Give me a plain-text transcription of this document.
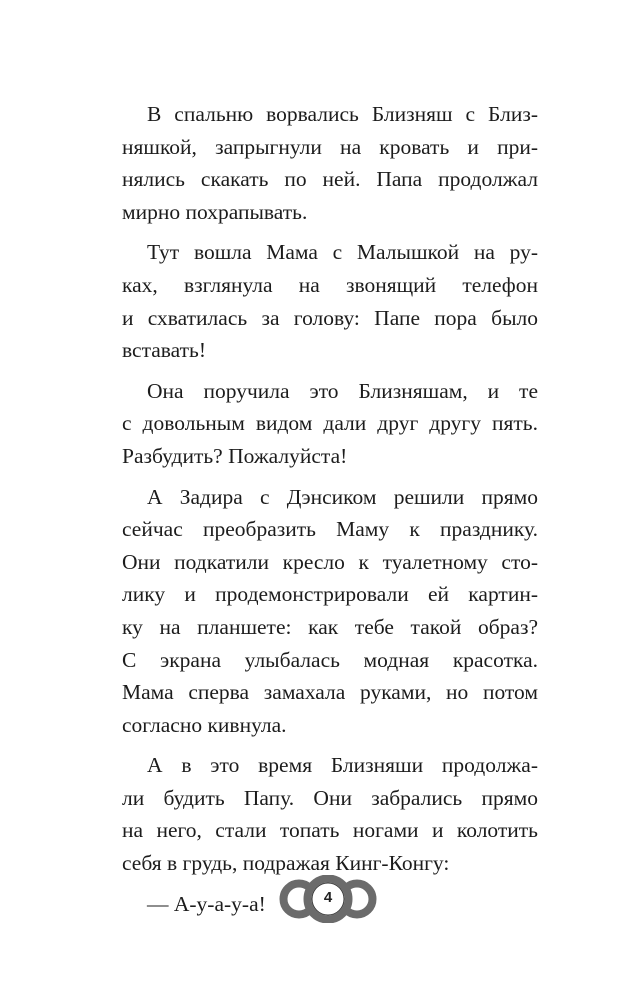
В спальню ворвались Близняш с Близ-
няшкой, запрыгнули на кровать и при-
нялись скакать по ней. Папа продолжал
мирно похрапывать.
Тут вошла Мама с Малышкой на ру-
ках, взглянула на звонящий телефон
и схватилась за голову: Папе пора было
вставать!
Она поручила это Близняшам, и те
с довольным видом дали друг другу пять.
Разбудить? Пожалуйста!
А Задира с Дэнсиком решили прямо
сейчас преобразить Маму к празднику.
Они подкатили кресло к туалетному сто-
лику и продемонстрировали ей картин-
ку на планшете: как тебе такой образ?
С экрана улыбалась модная красотка.
Мама сперва замахала руками, но потом
согласно кивнула.
А в это время Близняши продолжа-
ли будить Папу. Они забрались прямо
на него, стали топать ногами и колотить
себя в грудь, подражая Кинг-Конгу:
— А-у-а-у-а!	4
